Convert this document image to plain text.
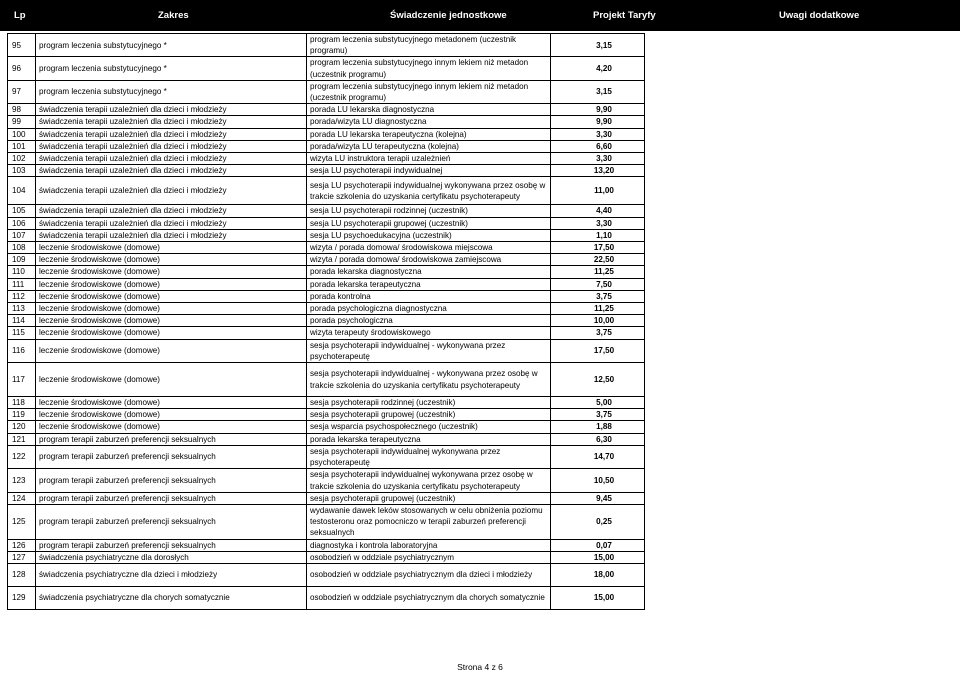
Lp	Zakres	Świadczenie jednostkowe	Projekt Taryfy	Uwagi dodatkowe
95	program leczenia substytucyjnego *	program leczenia substytucyjnego metadonem (uczestnik programu)	3,15	
96	program leczenia substytucyjnego *	program leczenia substytucyjnego innym lekiem niż metadon (uczestnik programu)	4,20	
97	program leczenia substytucyjnego *	program leczenia substytucyjnego innym lekiem niż metadon (uczestnik programu)	3,15	
98	świadczenia terapii uzależnień dla dzieci i młodzieży	porada LU lekarska diagnostyczna	9,90	
99	świadczenia terapii uzależnień dla dzieci i młodzieży	porada/wizyta LU diagnostyczna	9,90	
100	świadczenia terapii uzależnień dla dzieci i młodzieży	porada LU lekarska terapeutyczna (kolejna)	3,30	
101	świadczenia terapii uzależnień dla dzieci i młodzieży	porada/wizyta LU terapeutyczna (kolejna)	6,60	
102	świadczenia terapii uzależnień dla dzieci i młodzieży	wizyta LU instruktora terapii uzależnień	3,30	
103	świadczenia terapii uzależnień dla dzieci i młodzieży	sesja LU psychoterapii indywidualnej	13,20	
104	świadczenia terapii uzależnień dla dzieci i młodzieży	sesja LU psychoterapii indywidualnej wykonywana przez osobę w trakcie szkolenia do uzyskania certyfikatu psychoterapeuty	11,00	
105	świadczenia terapii uzależnień dla dzieci i młodzieży	sesja LU psychoterapii rodzinnej (uczestnik)	4,40	
106	świadczenia terapii uzależnień dla dzieci i młodzieży	sesja LU psychoterapii grupowej (uczestnik)	3,30	
107	świadczenia terapii uzależnień dla dzieci i młodzieży	sesja LU psychoedukacyjna (uczestnik)	1,10	
108	leczenie środowiskowe (domowe)	wizyta / porada domowa/ środowiskowa miejscowa	17,50	
109	leczenie środowiskowe (domowe)	wizyta / porada domowa/ środowiskowa zamiejscowa	22,50	
110	leczenie środowiskowe (domowe)	porada lekarska diagnostyczna	11,25	
111	leczenie środowiskowe (domowe)	porada lekarska terapeutyczna	7,50	
112	leczenie środowiskowe (domowe)	porada kontrolna	3,75	
113	leczenie środowiskowe (domowe)	porada psychologiczna diagnostyczna	11,25	
114	leczenie środowiskowe (domowe)	porada psychologiczna	10,00	
115	leczenie środowiskowe (domowe)	wizyta terapeuty środowiskowego	3,75	
116	leczenie środowiskowe (domowe)	sesja psychoterapii indywidualnej - wykonywana przez psychoterapeutę	17,50	
117	leczenie środowiskowe (domowe)	sesja psychoterapii indywidualnej - wykonywana przez osobę w trakcie szkolenia do uzyskania certyfikatu psychoterapeuty	12,50	
118	leczenie środowiskowe (domowe)	sesja psychoterapii rodzinnej (uczestnik)	5,00	
119	leczenie środowiskowe (domowe)	sesja psychoterapii grupowej (uczestnik)	3,75	
120	leczenie środowiskowe (domowe)	sesja wsparcia psychospołecznego (uczestnik)	1,88	
121	program terapii zaburzeń preferencji seksualnych	porada lekarska terapeutyczna	6,30	
122	program terapii zaburzeń preferencji seksualnych	sesja psychoterapii indywidualnej wykonywana przez psychoterapeutę	14,70	
123	program terapii zaburzeń preferencji seksualnych	sesja psychoterapii indywidualnej wykonywana przez osobę w trakcie szkolenia do uzyskania certyfikatu psychoterapeuty	10,50	
124	program terapii zaburzeń preferencji seksualnych	sesja psychoterapii grupowej (uczestnik)	9,45	
125	program terapii zaburzeń preferencji seksualnych	wydawanie dawek leków stosowanych w celu obniżenia poziomu testosteronu oraz pomocniczo w terapii zaburzeń preferencji seksualnych	0,25	
126	program terapii zaburzeń preferencji seksualnych	diagnostyka i kontrola laboratoryjna	0,07	
127	świadczenia psychiatryczne dla dorosłych	osobodzień w oddziale psychiatrycznym	15,00	
128	świadczenia psychiatryczne dla dzieci i młodzieży	osobodzień w oddziale psychiatrycznym dla dzieci i młodzieży	18,00	
129	świadczenia psychiatryczne dla chorych somatycznie	osobodzień w oddziale psychiatrycznym dla chorych somatycznie	15,00	
Strona 4 z 6
